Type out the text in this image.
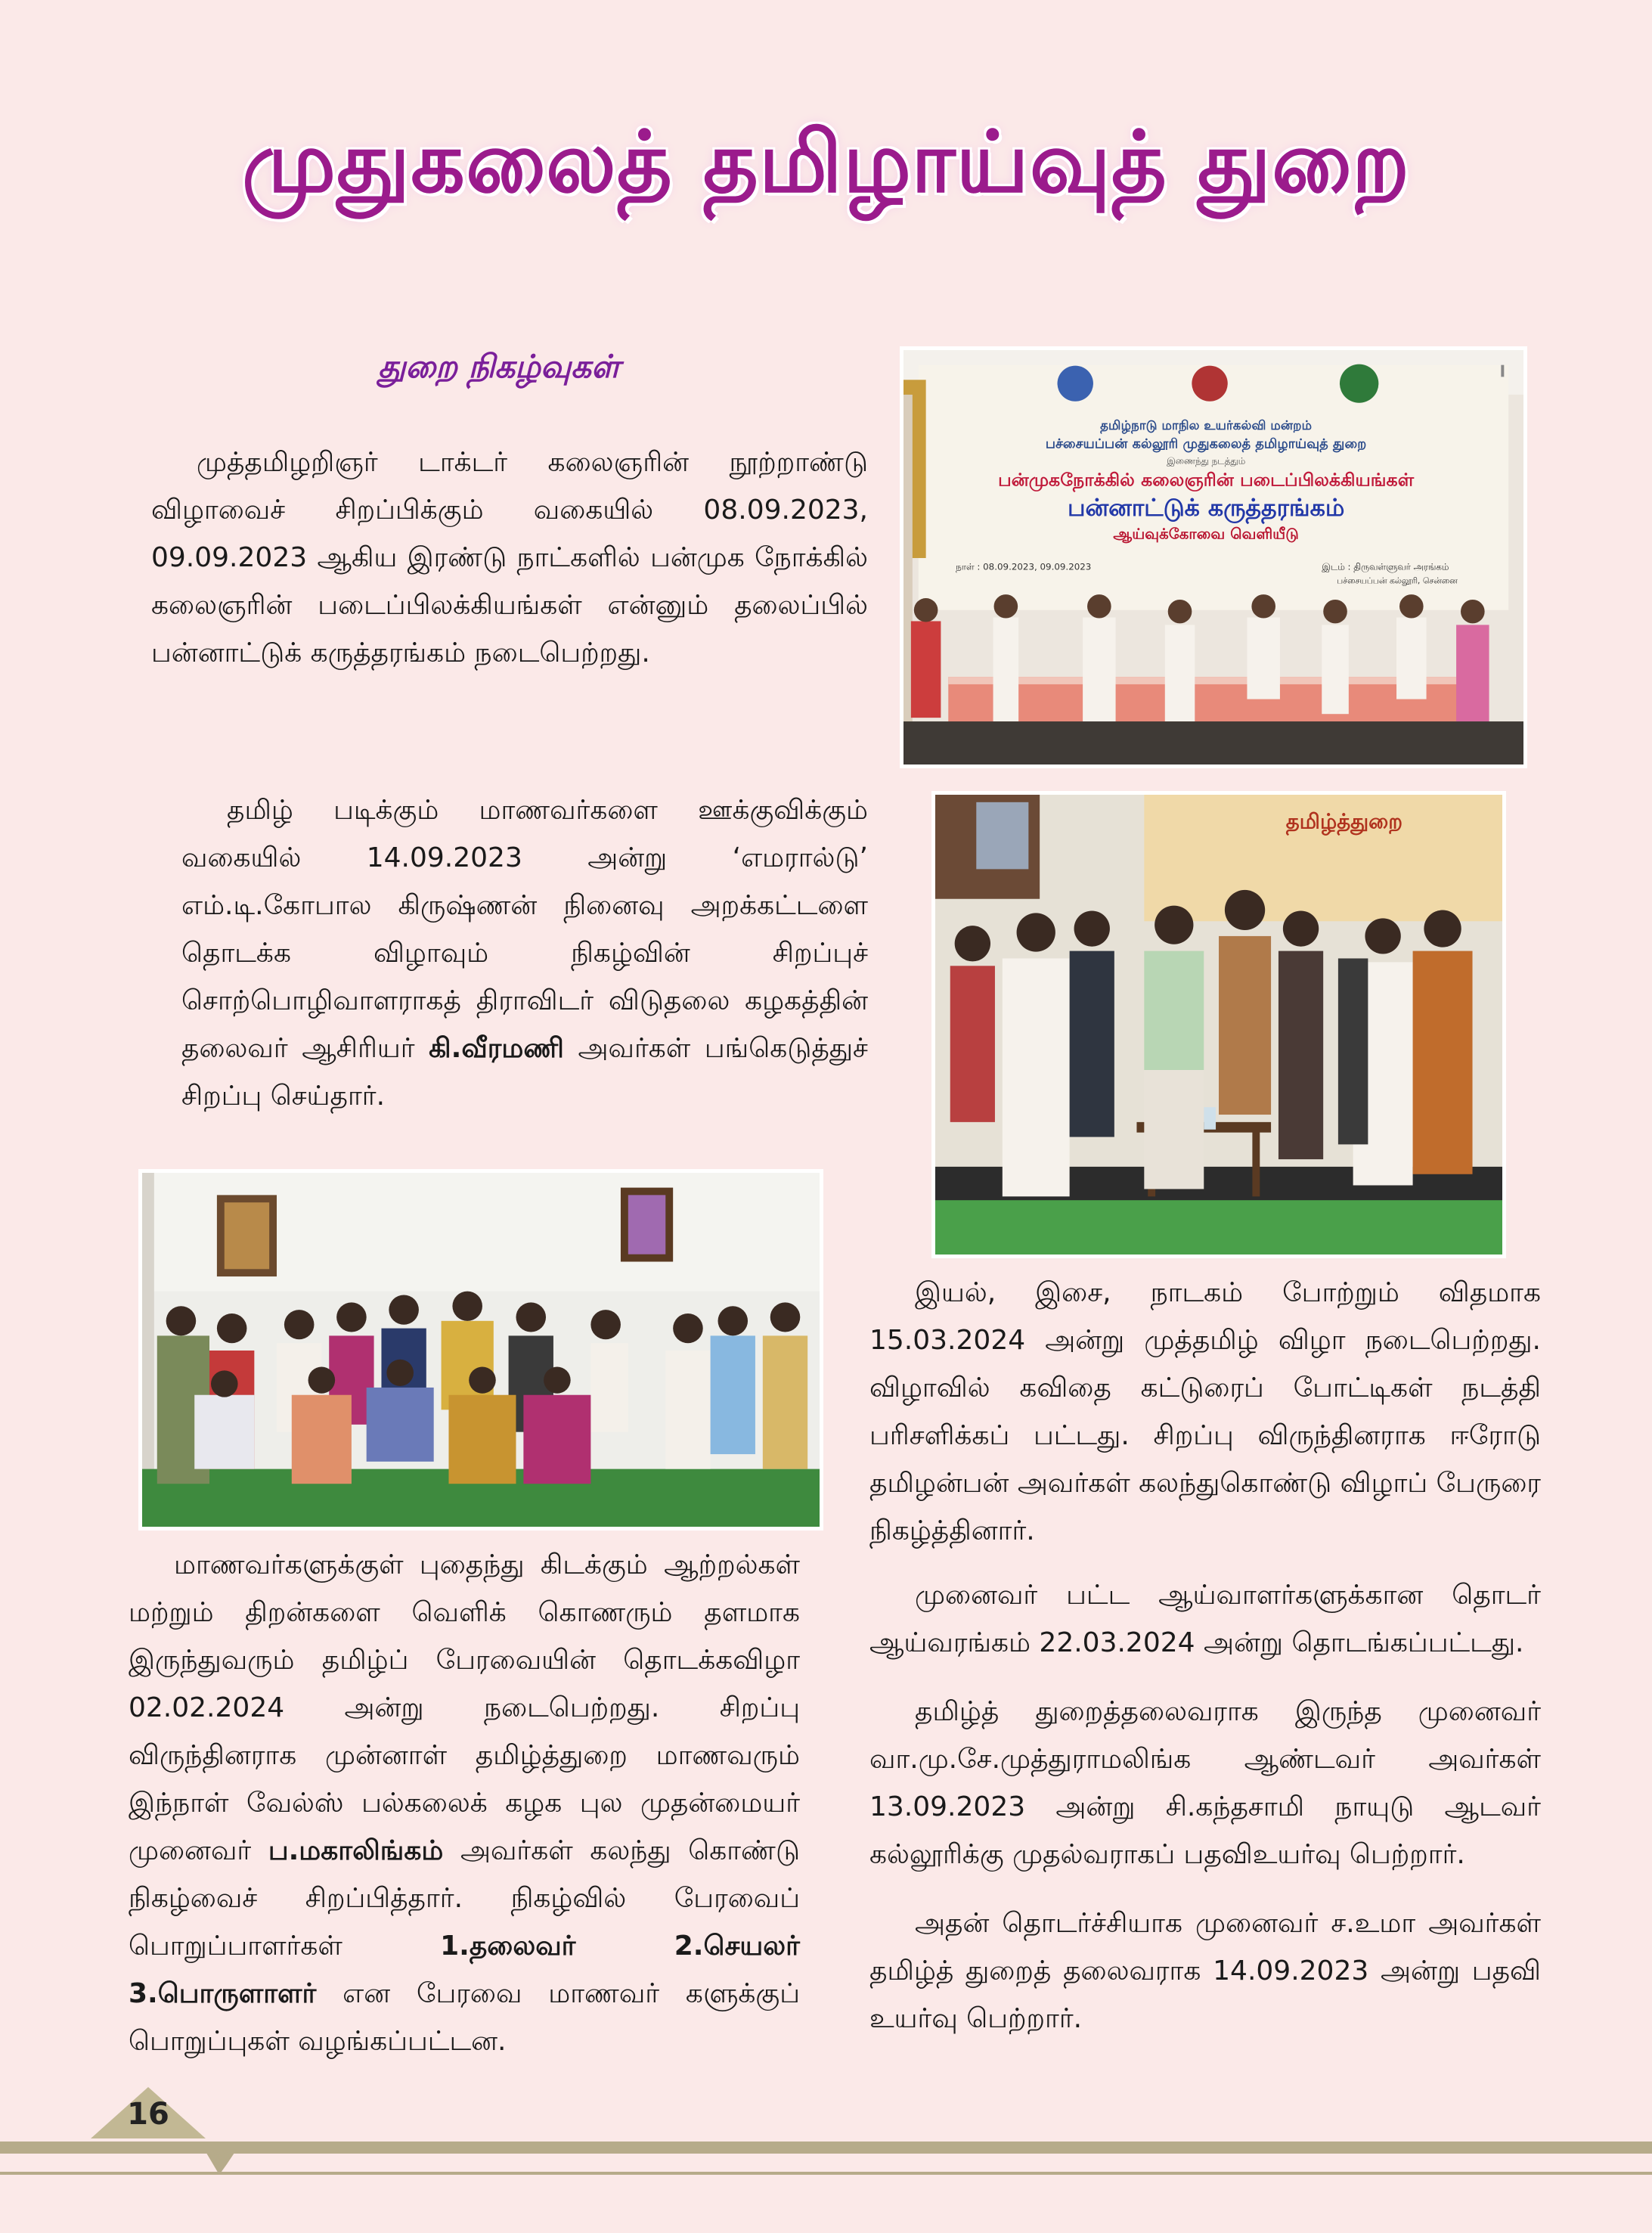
முதுகலைத் தமிழாய்வுத் துறை
துறை நிகழ்வுகள்

முத்தமிழறிஞர் டாக்டர் கலைஞரின் நூற்றாண்டு விழாவைச் சிறப்பிக்கும் வகையில் 08.09.2023, 09.09.2023 ஆகிய இரண்டு நாட்களில் பன்முக நோக்கில் கலைஞரின் படைப்பிலக்கியங்கள் என்னும் தலைப்பில் பன்னாட்டுக் கருத்தரங்கம் நடைபெற்றது.

தமிழ் படிக்கும் மாணவர்களை ஊக்குவிக்கும் வகையில் 14.09.2023 அன்று ‘எமரால்டு’ எம்.டி.கோபால கிருஷ்ணன் நினைவு அறக்கட்டளை தொடக்க விழாவும் நிகழ்வின் சிறப்புச் சொற்பொழிவாளராகத் திராவிடர் விடுதலை கழகத்தின் தலைவர் ஆசிரியர் கி.வீரமணி அவர்கள் பங்கெடுத்துச் சிறப்பு செய்தார்.

மாணவர்களுக்குள் புதைந்து கிடக்கும் ஆற்றல்கள் மற்றும் திறன்களை வெளிக் கொணரும் தளமாக இருந்துவரும் தமிழ்ப் பேரவையின் தொடக்கவிழா 02.02.2024 அன்று நடைபெற்றது. சிறப்பு விருந்தினராக முன்னாள் தமிழ்த்துறை மாணவரும் இந்நாள் வேல்ஸ் பல்கலைக் கழக புல முதன்மையர் முனைவர் ப.மகாலிங்கம் அவர்கள் கலந்து கொண்டு நிகழ்வைச் சிறப்பித்தார். நிகழ்வில் பேரவைப் பொறுப்பாளர்கள் 1.தலைவர் 2.செயலர் 3.பொருளாளர் என பேரவை மாணவர் களுக்குப் பொறுப்புகள் வழங்கப்பட்டன.

இயல், இசை, நாடகம் போற்றும் விதமாக 15.03.2024 அன்று முத்தமிழ் விழா நடைபெற்றது. விழாவில் கவிதை கட்டுரைப் போட்டிகள் நடத்தி பரிசளிக்கப் பட்டது. சிறப்பு விருந்தினராக ஈரோடு தமிழன்பன் அவர்கள் கலந்துகொண்டு விழாப் பேருரை நிகழ்த்தினார்.

முனைவர் பட்ட ஆய்வாளர்களுக்கான தொடர் ஆய்வரங்கம் 22.03.2024 அன்று தொடங்கப்பட்டது.

தமிழ்த் துறைத்தலைவராக இருந்த முனைவர் வா.மு.சே.முத்துராமலிங்க ஆண்டவர் அவர்கள் 13.09.2023 அன்று சி.கந்தசாமி நாயுடு ஆடவர் கல்லூரிக்கு முதல்வராகப் பதவிஉயர்வு பெற்றார்.

அதன் தொடர்ச்சியாக முனைவர் ச.உமா அவர்கள் தமிழ்த் துறைத் தலைவராக 14.09.2023 அன்று பதவி உயர்வு பெற்றார்.

தமிழ்நாடு மாநில உயர்கல்வி மன்றம்
பச்சையப்பன் கல்லூரி முதுகலைத் தமிழாய்வுத் துறை
இணைந்து நடத்தும்
பன்முகநோக்கில் கலைஞரின் படைப்பிலக்கியங்கள்
பன்னாட்டுக் கருத்தரங்கம்
ஆய்வுக்கோவை வெளியீடு
நாள் : 08.09.2023, 09.09.2023	இடம் : திருவள்ளுவர் அரங்கம்
பச்சையப்பன் கல்லூரி, சென்னை
தமிழ்த்துறை
16
